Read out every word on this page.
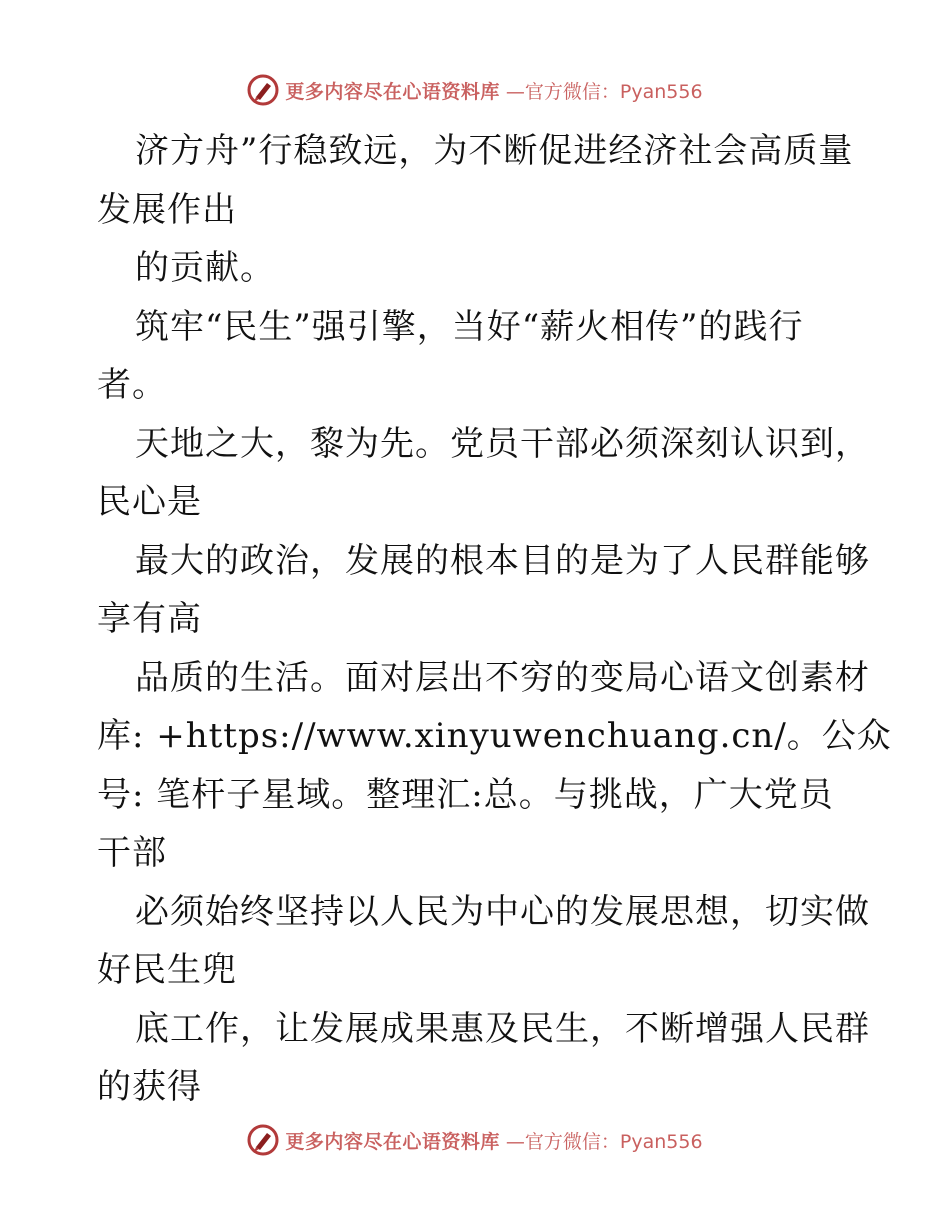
更多内容尽在心语资料库 —官方微信：Pyan556
济方舟”行稳致远，为不断促进经济社会高质量
发展作出
的贡献。
筑牢“民生”强引擎，当好“薪火相传”的践行
者。
天地之大，黎为先。党员干部必须深刻认识到，
民心是
最大的政治，发展的根本目的是为了人民群能够
享有高
品质的生活。面对层出不穷的变局心语文创素材
库: +https://www.xinyuwenchuang.cn/。公众
号: 笔杆子星域。整理汇:总。与挑战，广大党员
干部
必须始终坚持以人民为中心的发展思想，切实做
好民生兜
底工作，让发展成果惠及民生，不断增强人民群
的获得
更多内容尽在心语资料库 —官方微信：Pyan556
